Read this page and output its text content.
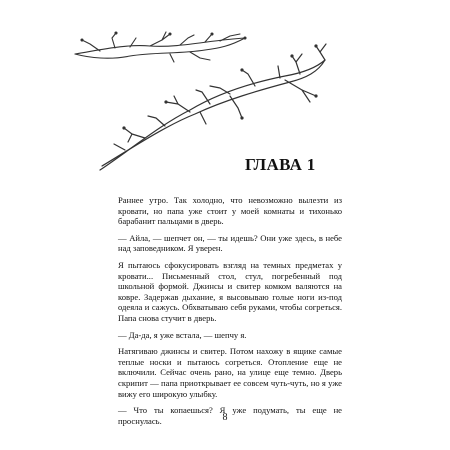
ГЛАВА 1

Раннее утро. Так холодно, что невозможно вылезти из кровати, но папа уже стоит у моей комнаты и тихонько барабанит пальцами в дверь.

— Айла, — шепчет он, — ты идешь? Они уже здесь, в небе над заповедником. Я уверен.

Я пытаюсь сфокусировать взгляд на темных предметах у кровати... Письменный стол, стул, погребенный под школьной формой. Джинсы и свитер комком валяются на ковре. Задержав дыхание, я высовываю голые ноги из-под одеяла и сажусь. Обхватываю себя руками, чтобы согреться. Папа снова стучит в дверь.

— Да-да, я уже встала, — шепчу я.

Натягиваю джинсы и свитер. Потом нахожу в ящике самые теплые носки и пытаюсь согреться. Отопление еще не включили. Сейчас очень рано, на улице еще темно. Дверь скрипит — папа приоткрывает ее совсем чуть-чуть, но я уже вижу его широкую улыбку.

— Что ты копаешься? Я уже подумать, ты еще не проснулась.	8
